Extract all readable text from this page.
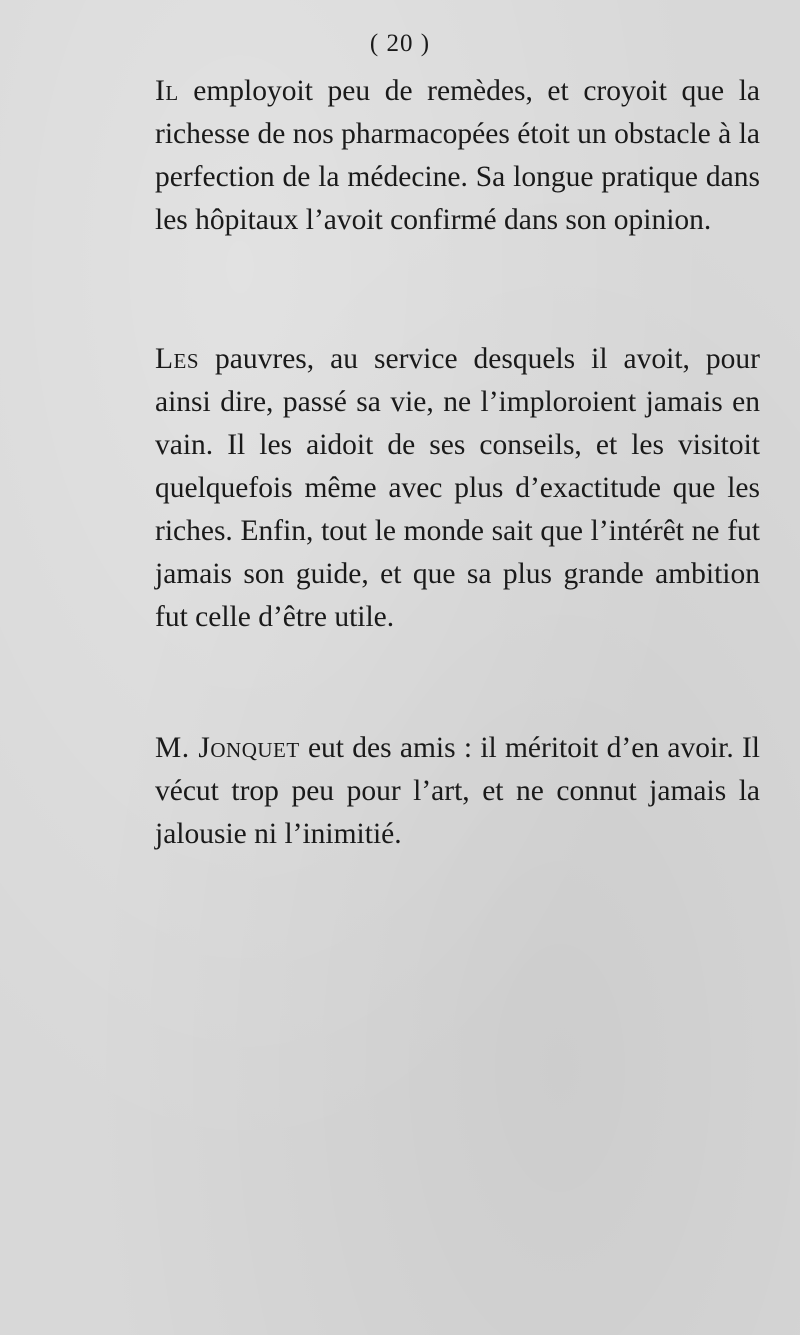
( 20 )

Il employoit peu de remèdes, et croyoit que la richesse de nos pharmacopées étoit un obstacle à la perfection de la médecine. Sa longue pratique dans les hôpitaux l’avoit confirmé dans son opinion.

Les pauvres, au service desquels il avoit, pour ainsi dire, passé sa vie, ne l’imploroient jamais en vain. Il les aidoit de ses conseils, et les visitoit quelquefois même avec plus d’exactitude que les riches. Enfin, tout le monde sait que l’intérêt ne fut jamais son guide, et que sa plus grande ambition fut celle d’être utile.

M. Jonquet eut des amis : il méritoit d’en avoir. Il vécut trop peu pour l’art, et ne connut jamais la jalousie ni l’inimitié.
